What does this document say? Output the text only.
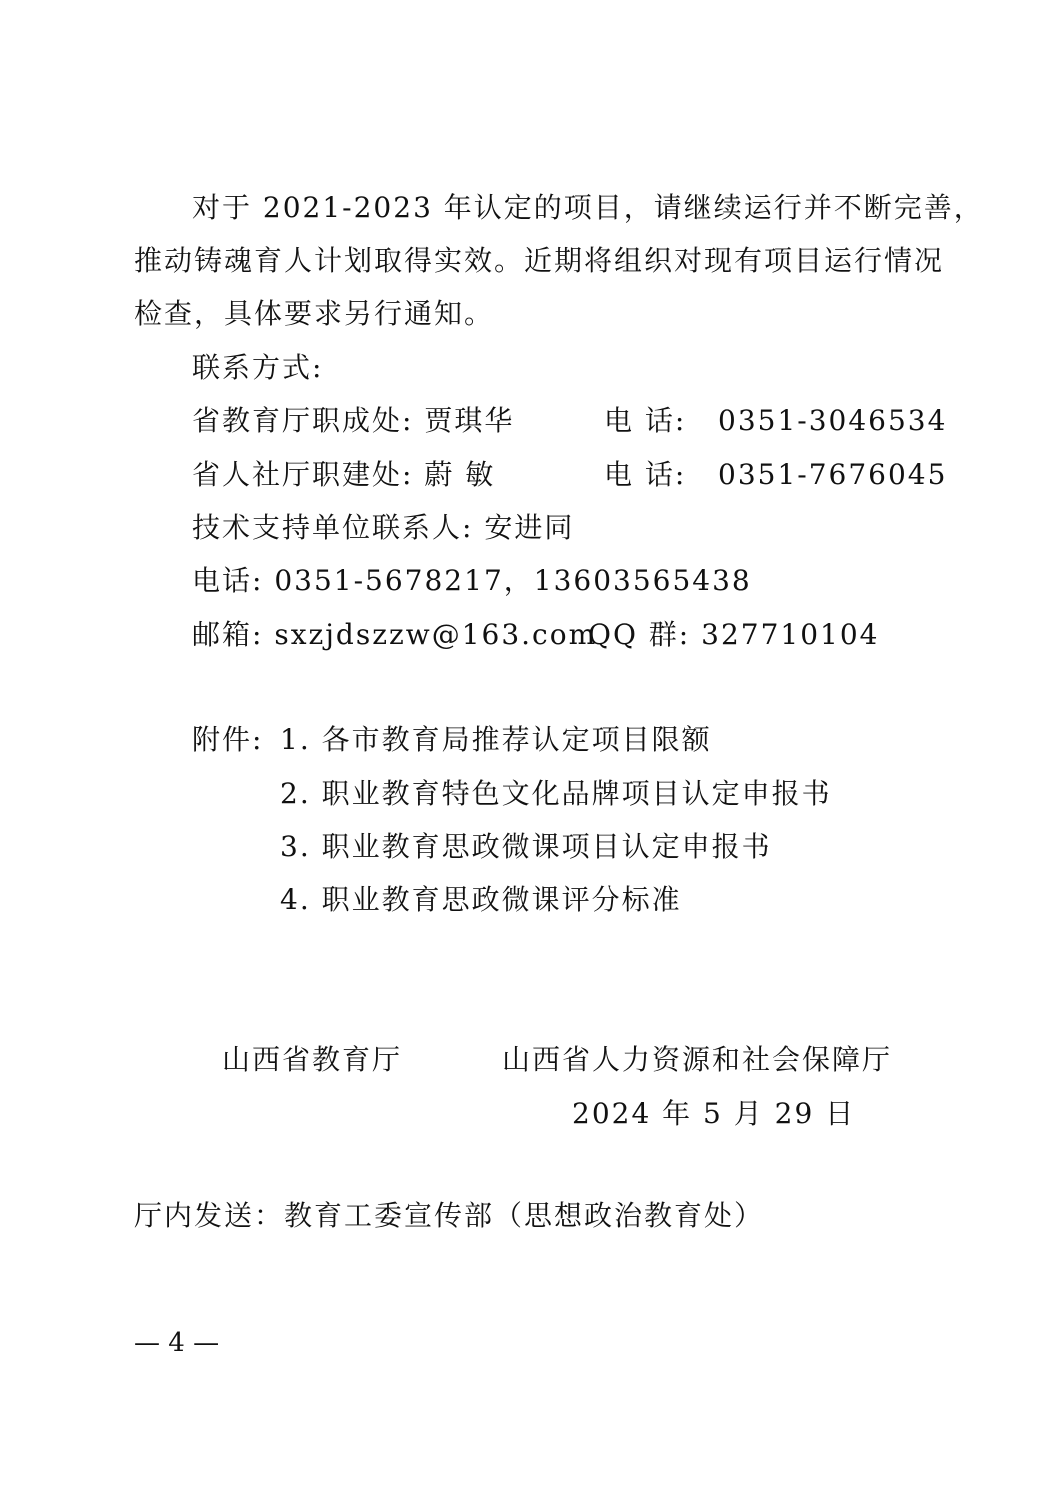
对于 2021-2023 年认定的项目，请继续运行并不断完善，
推动铸魂育人计划取得实效。近期将组织对现有项目运行情况
检查，具体要求另行通知。
联系方式:
省教育厅职成处: 贾琪华	电 话: 0351-3046534
省人社厅职建处: 蔚 敏	电 话: 0351-7676045
技术支持单位联系人: 安进同
电话: 0351-5678217，13603565438
邮箱: sxzjdszzw@163.com
QQ 群: 327710104
附件: 1. 各市教育局推荐认定项目限额
2. 职业教育特色文化品牌项目认定申报书
3. 职业教育思政微课项目认定申报书
4. 职业教育思政微课评分标准
山西省教育厅	山西省人力资源和社会保障厅
2024 年 5 月 29 日
厅内发送：教育工委宣传部（思想政治教育处）
— 4 —
